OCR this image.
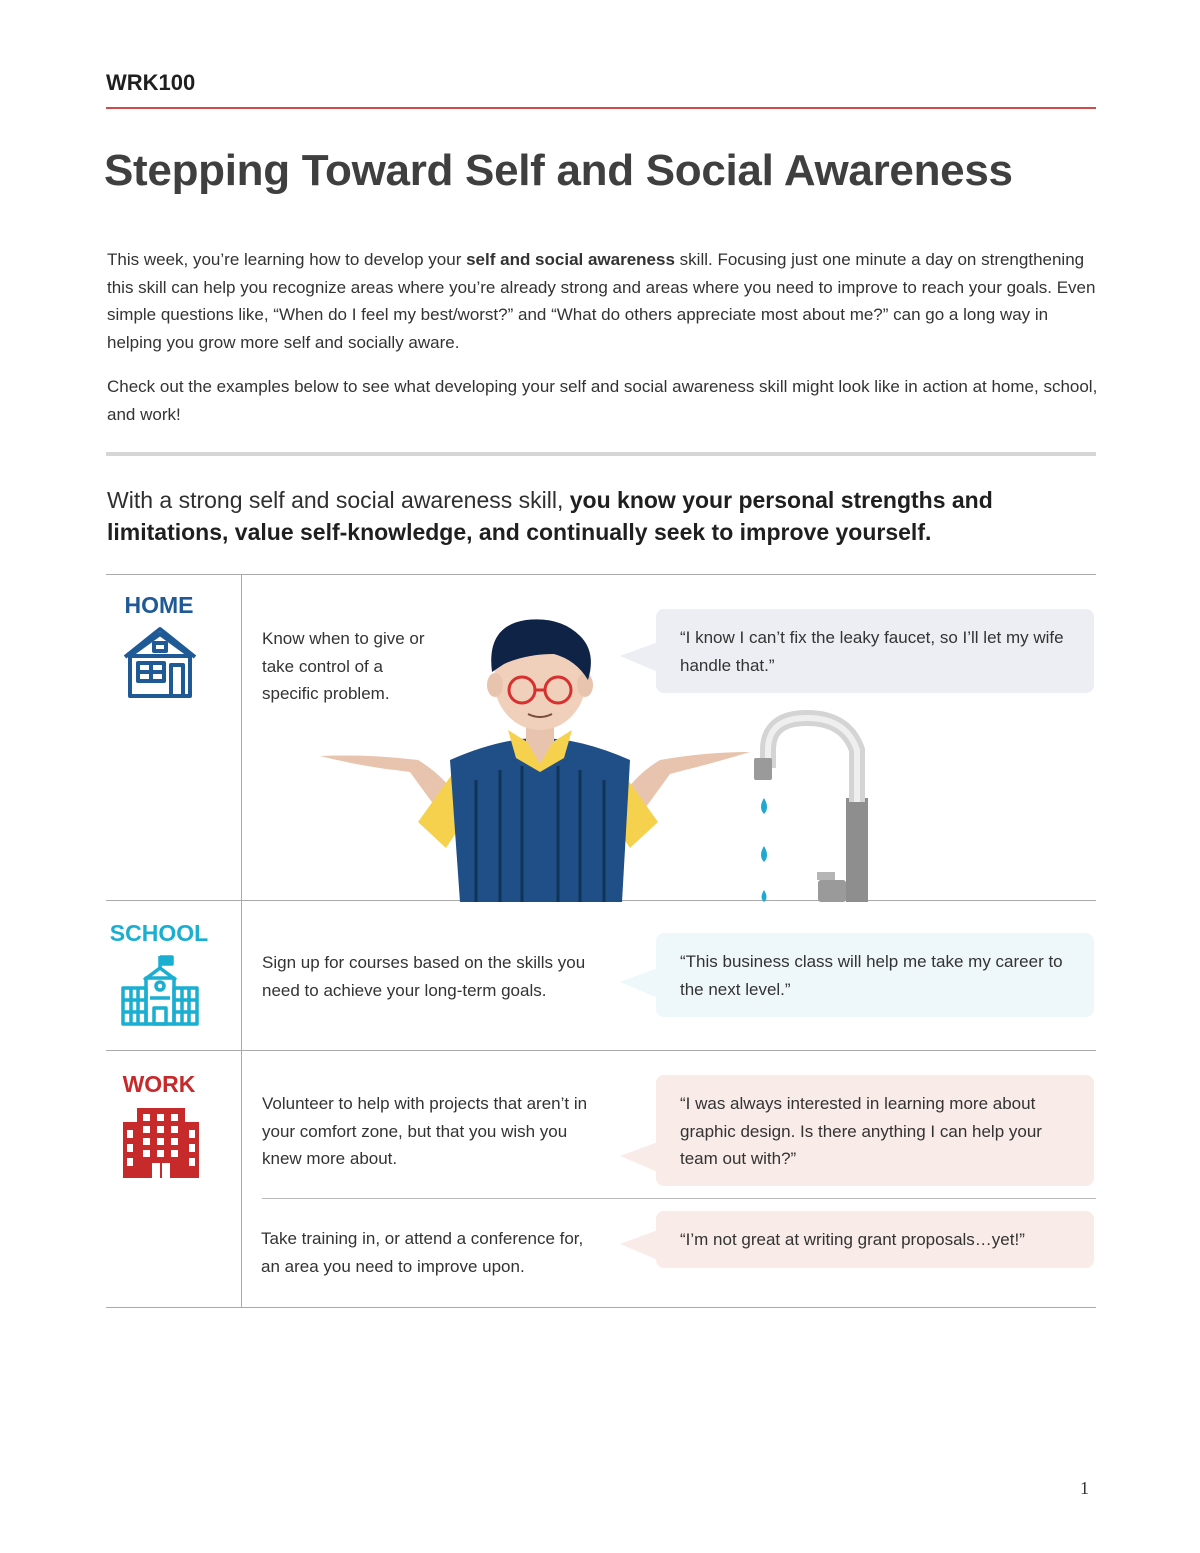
WRK100
Stepping Toward Self and Social Awareness

This week, you’re learning how to develop your self and social awareness skill. Focusing just one minute a day on strengthening this skill can help you recognize areas where you’re already strong and areas where you need to improve to reach your goals. Even simple questions like, “When do I feel my best/worst?” and “What do others appreciate most about me?” can go a long way in helping you grow more self and socially aware.

Check out the examples below to see what developing your self and social awareness skill might look like in action at home, school, and work!

With a strong self and social awareness skill, you know your personal strengths and limitations, value self-knowledge, and continually seek to improve yourself.
HOME
Know when to give or take control of a specific problem.
“I know I can’t fix the leaky faucet, so I’ll let my wife handle that.”
SCHOOL
Sign up for courses based on the skills you need to achieve your long-term goals.
“This business class will help me take my career to the next level.”
WORK
Volunteer to help with projects that aren’t in your comfort zone, but that you wish you knew more about.
“I was always interested in learning more about graphic design. Is there anything I can help your team out with?”
Take training in, or attend a conference for, an area you need to improve upon.
“I’m not great at writing grant proposals…yet!”
1
